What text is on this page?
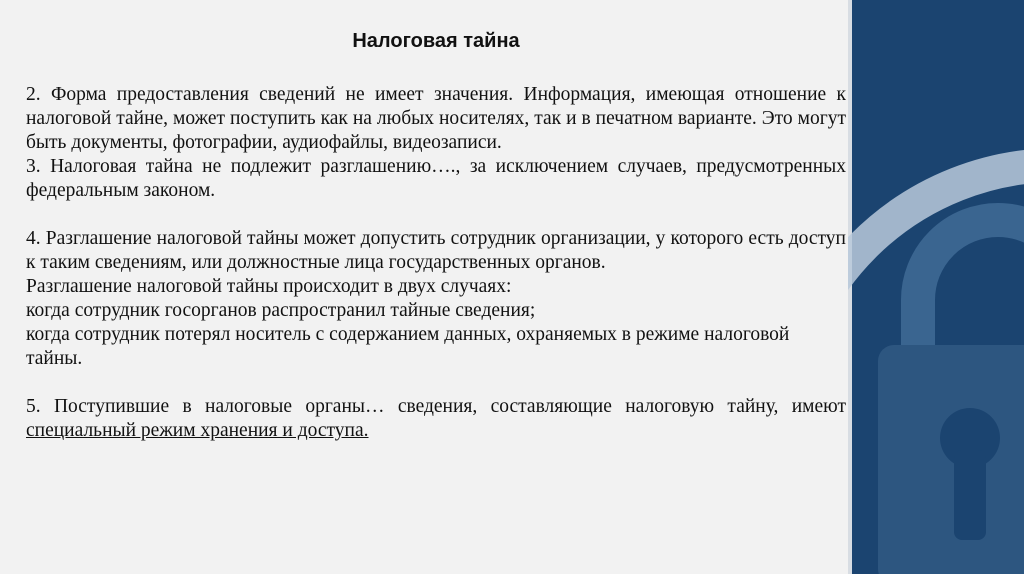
Налоговая тайна

2. Форма предоставления сведений не имеет значения. Информация, имеющая отношение к налоговой тайне, может поступить как на любых носителях, так и в печатном варианте. Это могут быть документы, фотографии, аудиофайлы, видеозаписи.

3. Налоговая тайна не подлежит разглашению…., за исключением случаев, предусмотренных федеральным законом.

4. Разглашение налоговой тайны может допустить сотрудник организации, у которого есть доступ к таким сведениям, или должностные лица государственных органов.

Разглашение налоговой тайны происходит в двух случаях:

когда сотрудник госорганов распространил тайные сведения;

когда сотрудник потерял носитель с содержанием данных, охраняемых в режиме налоговой тайны.

5. Поступившие в налоговые органы… сведения, составляющие налоговую тайну, имеют специальный режим хранения и доступа.
